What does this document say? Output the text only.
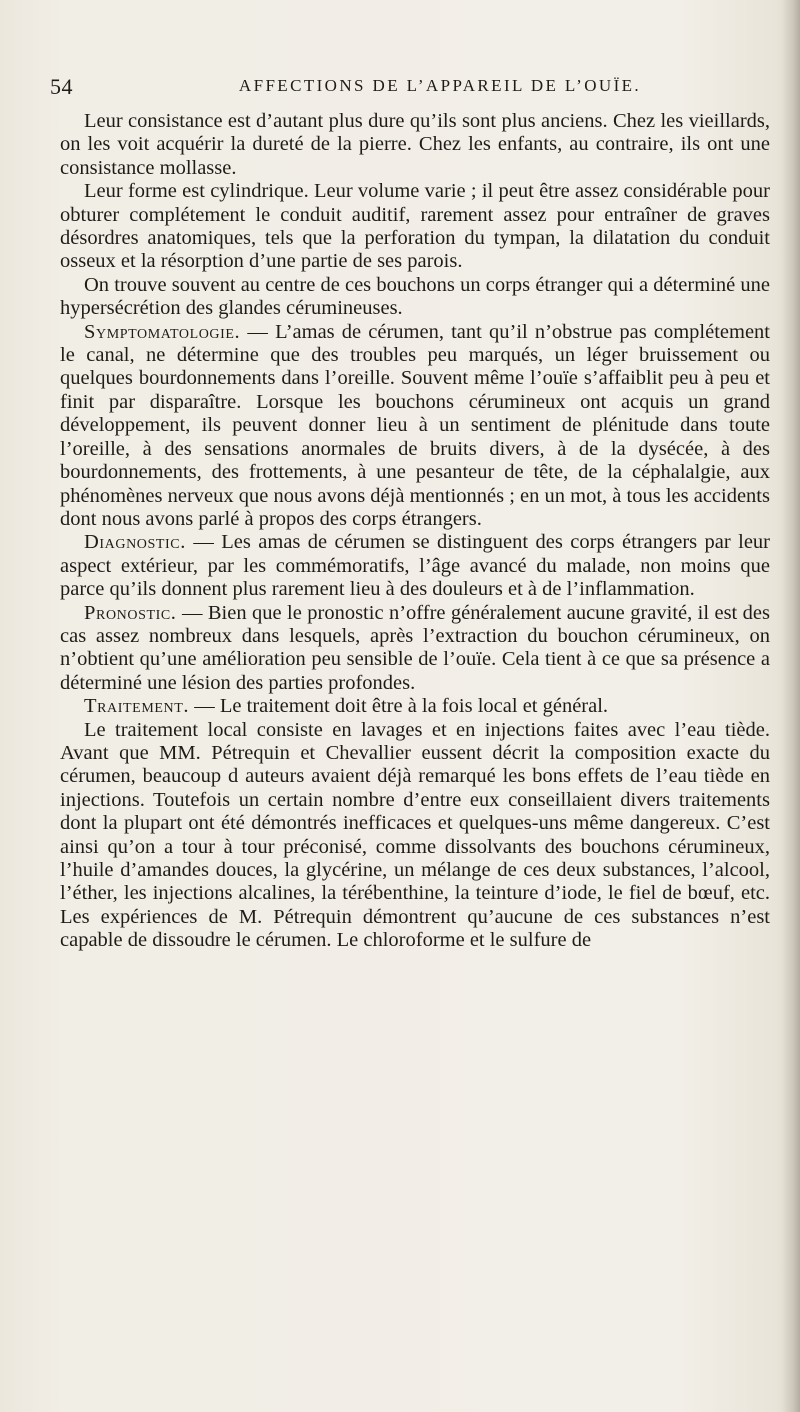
54	AFFECTIONS DE L’APPAREIL DE L’OUÏE.

Leur consistance est d’autant plus dure qu’ils sont plus anciens. Chez les vieillards, on les voit acquérir la dureté de la pierre. Chez les enfants, au contraire, ils ont une consistance mollasse.

Leur forme est cylindrique. Leur volume varie ; il peut être assez considérable pour obturer complétement le conduit auditif, rarement assez pour entraîner de graves désordres anatomiques, tels que la perforation du tympan, la dilatation du conduit osseux et la résorption d’une partie de ses parois.

On trouve souvent au centre de ces bouchons un corps étranger qui a déterminé une hypersécrétion des glandes cérumineuses.

Symptomatologie. — L’amas de cérumen, tant qu’il n’obstrue pas complétement le canal, ne détermine que des troubles peu marqués, un léger bruissement ou quelques bourdonnements dans l’oreille. Souvent même l’ouïe s’affaiblit peu à peu et finit par disparaître. Lorsque les bouchons cérumineux ont acquis un grand développement, ils peuvent donner lieu à un sentiment de plénitude dans toute l’oreille, à des sensations anormales de bruits divers, à de la dysécée, à des bourdonnements, des frottements, à une pesanteur de tête, de la céphalalgie, aux phénomènes nerveux que nous avons déjà mentionnés ; en un mot, à tous les accidents dont nous avons parlé à propos des corps étrangers.

Diagnostic. — Les amas de cérumen se distinguent des corps étrangers par leur aspect extérieur, par les commémoratifs, l’âge avancé du malade, non moins que parce qu’ils donnent plus rarement lieu à des douleurs et à de l’inflammation.

Pronostic. — Bien que le pronostic n’offre généralement aucune gravité, il est des cas assez nombreux dans lesquels, après l’extraction du bouchon cérumineux, on n’obtient qu’une amélioration peu sensible de l’ouïe. Cela tient à ce que sa présence a déterminé une lésion des parties profondes.

Traitement. — Le traitement doit être à la fois local et général.

Le traitement local consiste en lavages et en injections faites avec l’eau tiède. Avant que MM. Pétrequin et Chevallier eussent décrit la composition exacte du cérumen, beaucoup d auteurs avaient déjà remarqué les bons effets de l’eau tiède en injections. Toutefois un certain nombre d’entre eux conseillaient divers traitements dont la plupart ont été démontrés inefficaces et quelques-uns même dangereux. C’est ainsi qu’on a tour à tour préconisé, comme dissolvants des bouchons cérumineux, l’huile d’amandes douces, la glycérine, un mélange de ces deux substances, l’alcool, l’éther, les injections alcalines, la térébenthine, la teinture d’iode, le fiel de bœuf, etc. Les expériences de M. Pétrequin démontrent qu’aucune de ces substances n’est capable de dissoudre le cérumen. Le chloroforme et le sulfure de
